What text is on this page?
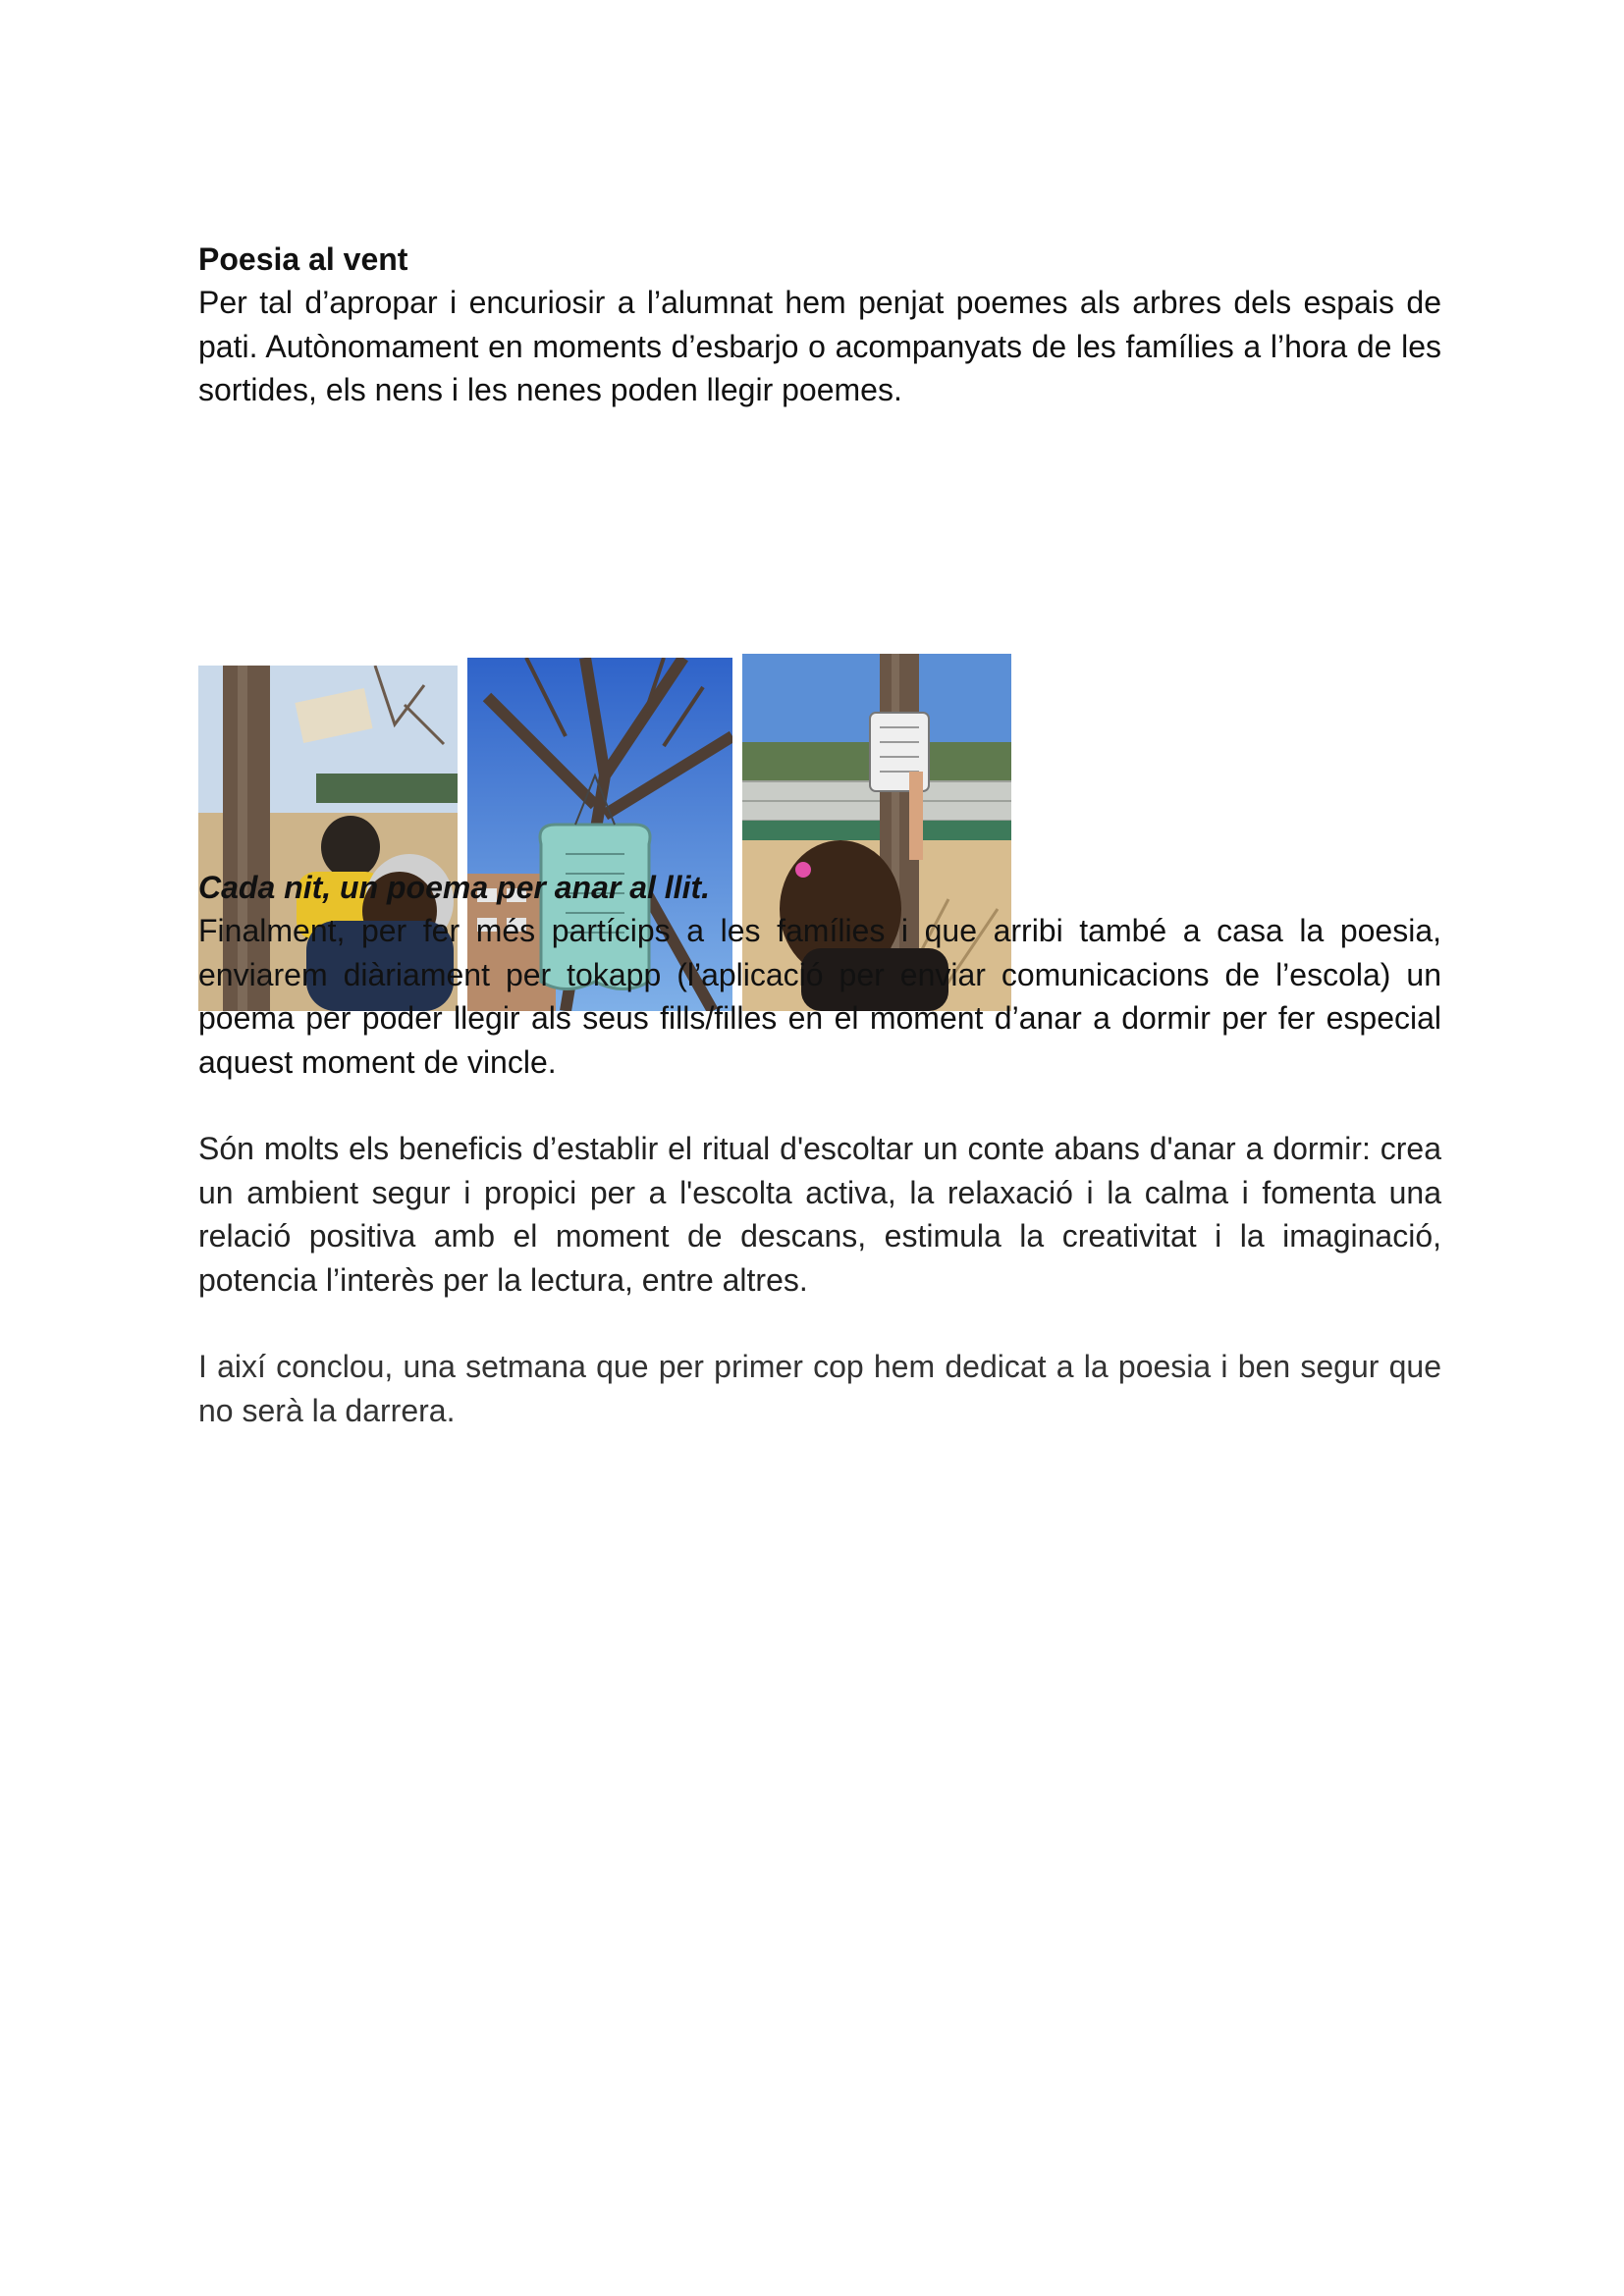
Poesia al vent

Per tal d’apropar i encuriosir a l’alumnat hem penjat poemes als arbres dels espais de pati. Autònomament en moments d’esbarjo o acompanyats de les famílies a l’hora de les sortides, els nens i les nenes poden llegir poemes.

Cada nit, un poema per anar al llit.

Finalment, per fer més partícips a les famílies i que arribi també a casa la poesia, enviarem diàriament per tokapp (l’aplicació per enviar comunicacions de l’escola) un poema per poder llegir als seus fills/filles en el moment d’anar a dormir per fer especial aquest moment de vincle.

Són molts els beneficis d’establir el ritual d'escoltar un conte abans d'anar a dormir: crea un ambient segur i propici per a l'escolta activa, la relaxació i la calma i fomenta una relació positiva amb el moment de descans, estimula la creativitat i la imaginació, potencia l’interès per la lectura, entre altres.

I així conclou, una setmana que per primer cop hem dedicat a la poesia i ben segur que no serà la darrera.
